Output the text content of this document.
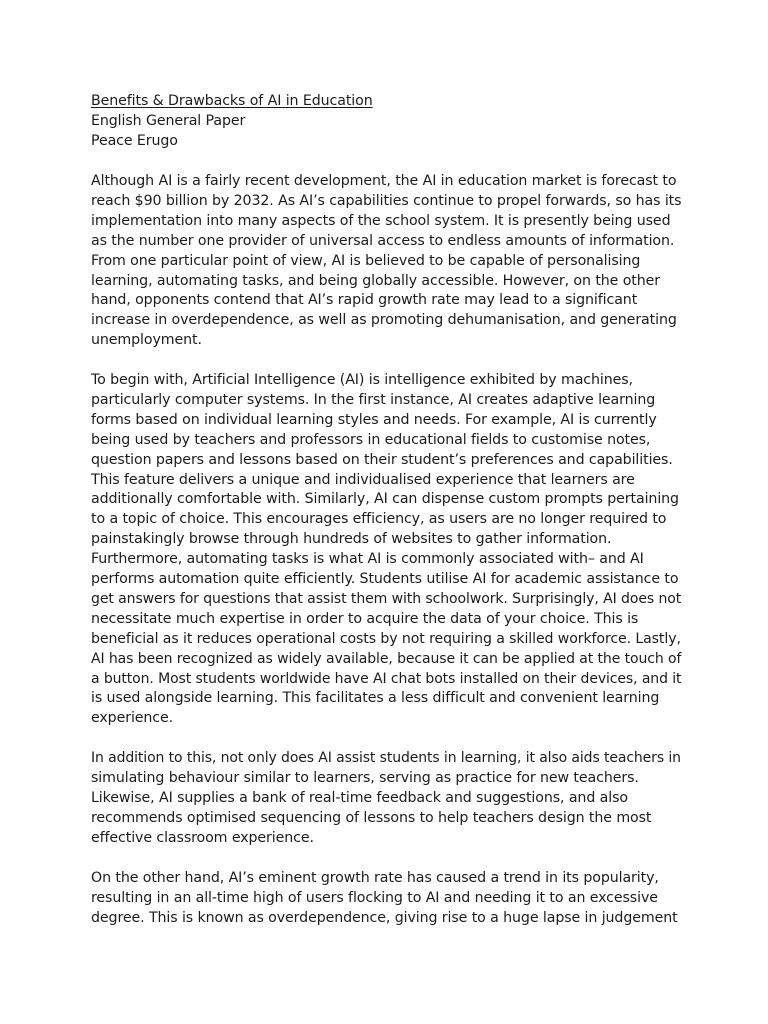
Benefits & Drawbacks of AI in Education
English General Paper
Peace Erugo
Although AI is a fairly recent development, the AI in education market is forecast to
reach $90 billion by 2032. As AI’s capabilities continue to propel forwards, so has its
implementation into many aspects of the school system. It is presently being used
as the number one provider of universal access to endless amounts of information.
From one particular point of view, AI is believed to be capable of personalising
learning, automating tasks, and being globally accessible. However, on the other
hand, opponents contend that AI’s rapid growth rate may lead to a significant
increase in overdependence, as well as promoting dehumanisation, and generating
unemployment.
To begin with, Artificial Intelligence (AI) is intelligence exhibited by machines,
particularly computer systems. In the first instance, AI creates adaptive learning
forms based on individual learning styles and needs. For example, AI is currently
being used by teachers and professors in educational fields to customise notes,
question papers and lessons based on their student’s preferences and capabilities.
This feature delivers a unique and individualised experience that learners are
additionally comfortable with. Similarly, AI can dispense custom prompts pertaining
to a topic of choice. This encourages efficiency, as users are no longer required to
painstakingly browse through hundreds of websites to gather information.
Furthermore, automating tasks is what AI is commonly associated with– and AI
performs automation quite efficiently. Students utilise AI for academic assistance to
get answers for questions that assist them with schoolwork. Surprisingly, AI does not
necessitate much expertise in order to acquire the data of your choice. This is
beneficial as it reduces operational costs by not requiring a skilled workforce. Lastly,
AI has been recognized as widely available, because it can be applied at the touch of
a button. Most students worldwide have AI chat bots installed on their devices, and it
is used alongside learning. This facilitates a less difficult and convenient learning
experience.
In addition to this, not only does AI assist students in learning, it also aids teachers in
simulating behaviour similar to learners, serving as practice for new teachers.
Likewise, AI supplies a bank of real-time feedback and suggestions, and also
recommends optimised sequencing of lessons to help teachers design the most
effective classroom experience.
On the other hand, AI’s eminent growth rate has caused a trend in its popularity,
resulting in an all-time high of users flocking to AI and needing it to an excessive
degree. This is known as overdependence, giving rise to a huge lapse in judgement
